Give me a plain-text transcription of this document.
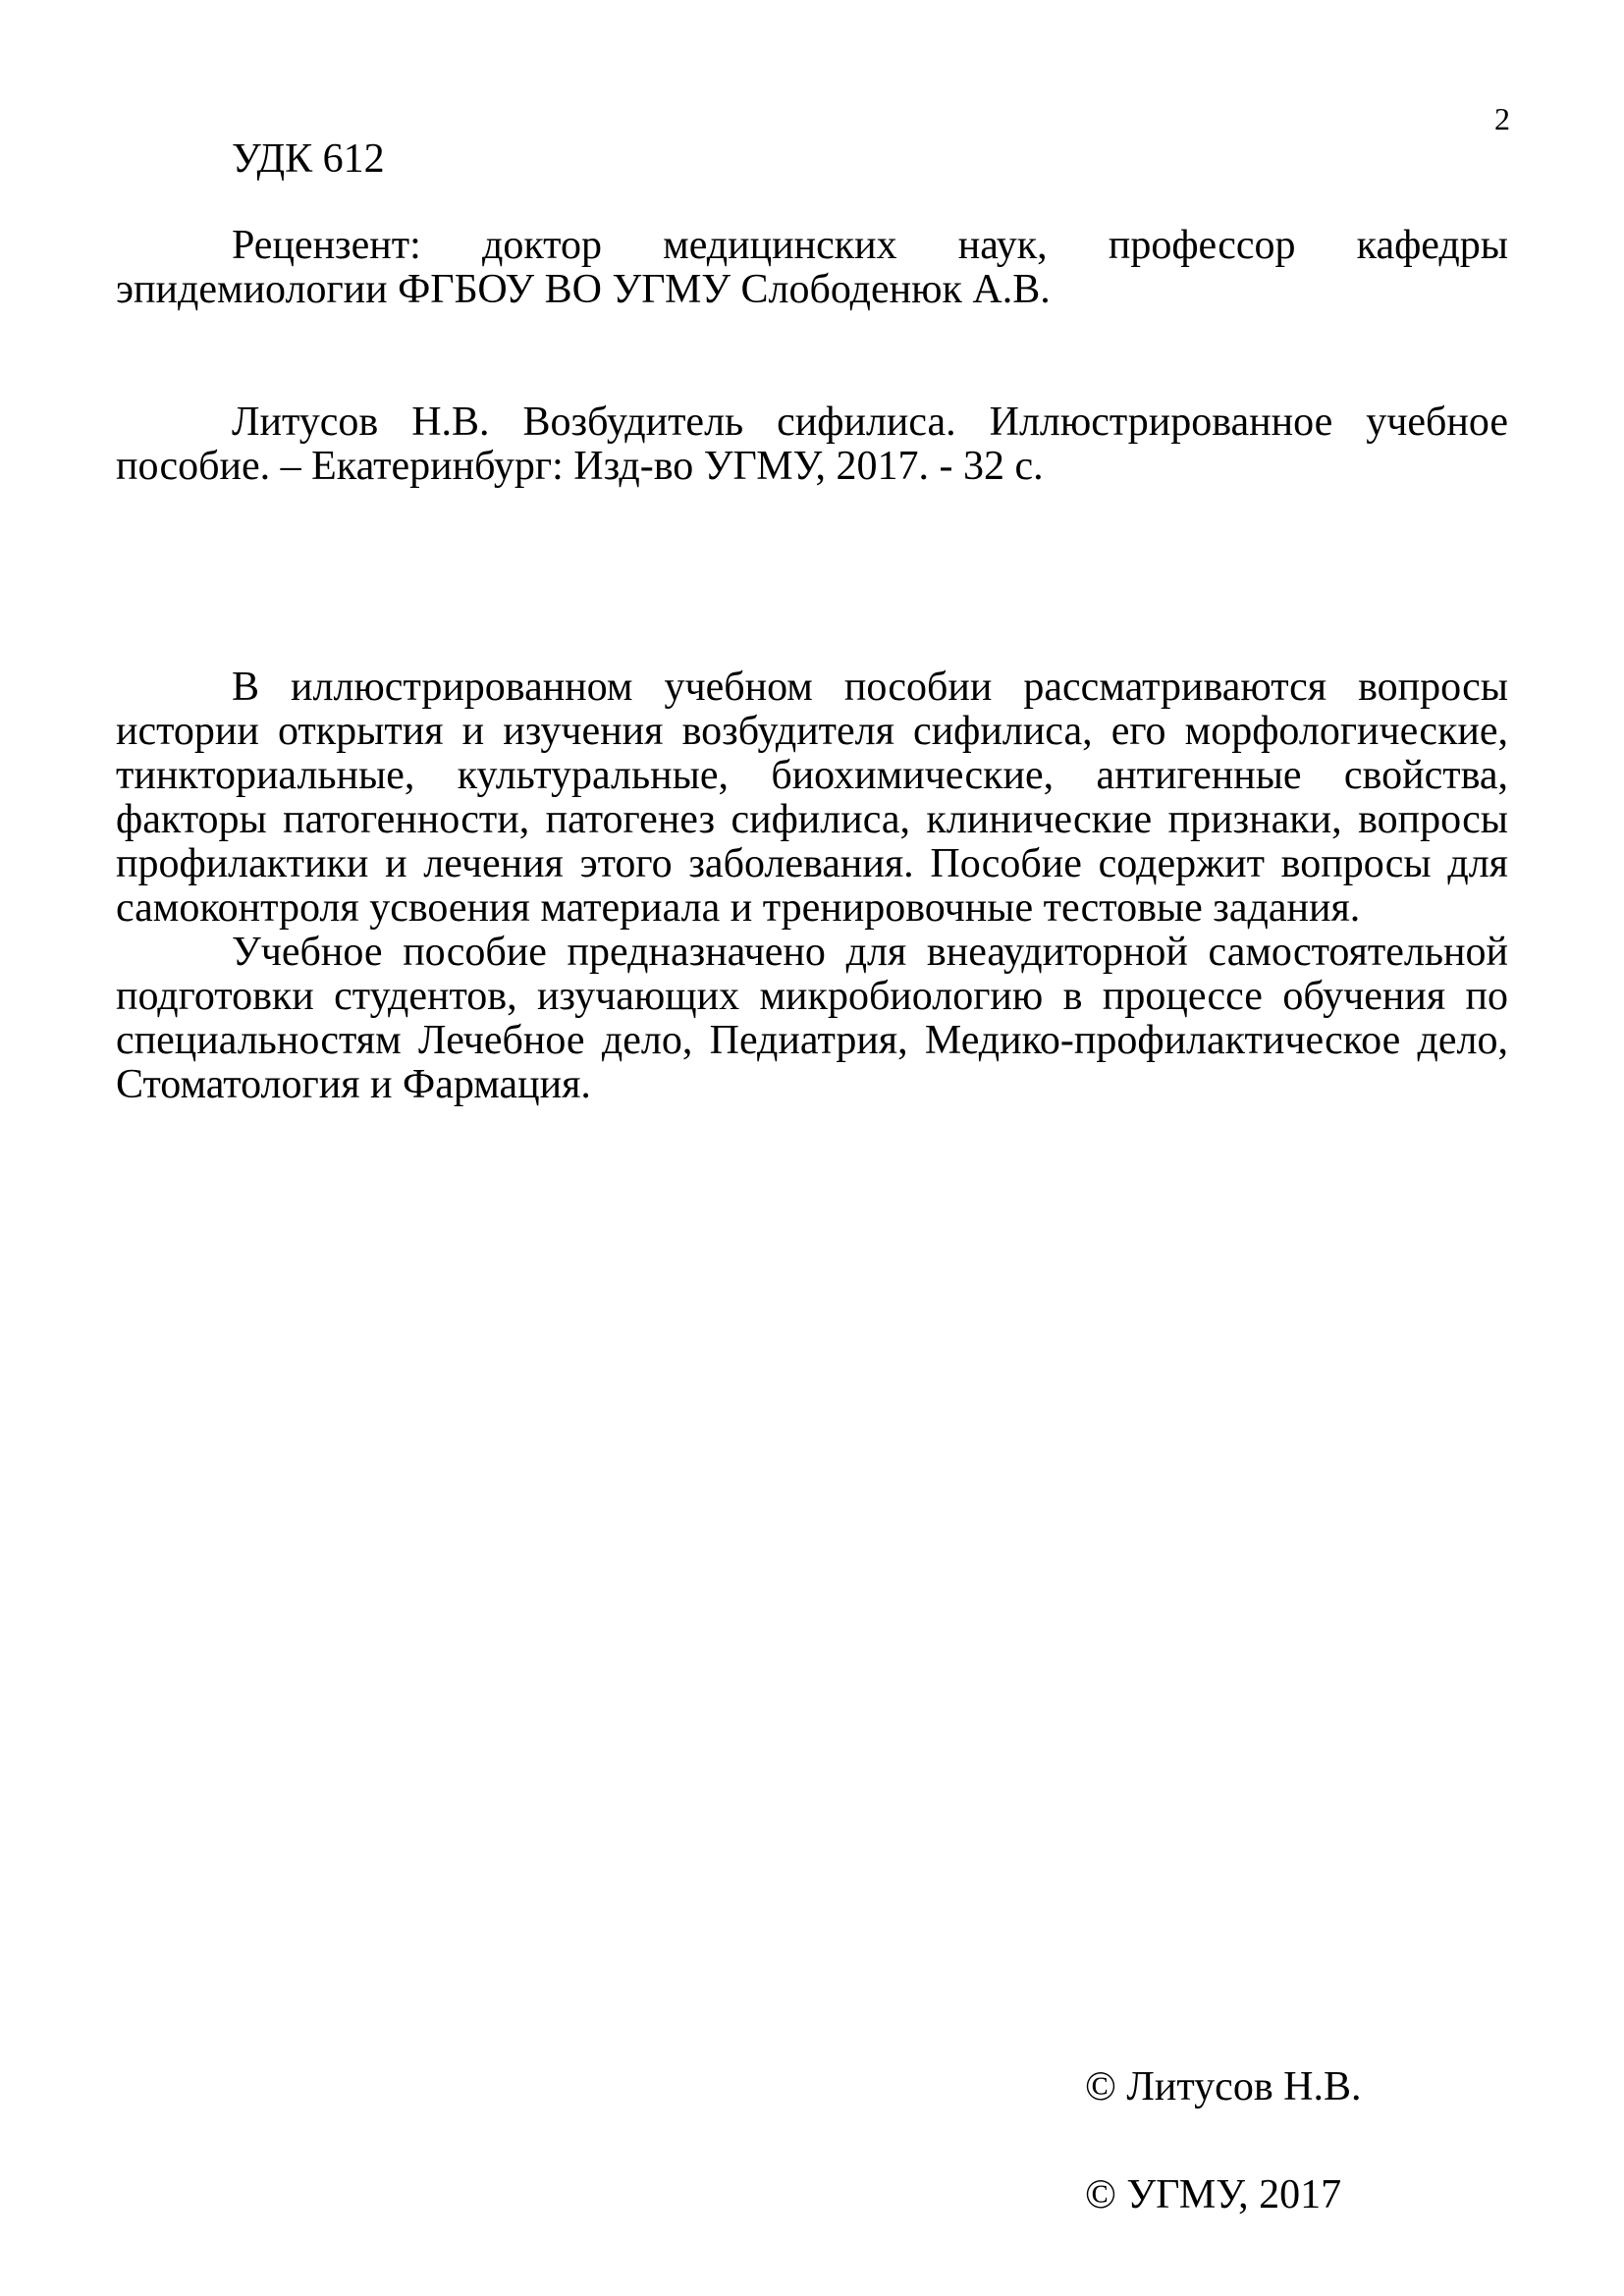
2

УДК 612

Рецензент: доктор медицинских наук, профессор кафедры эпидемиологии ФГБОУ ВО УГМУ Слободенюк А.В.

Литусов Н.В. Возбудитель сифилиса. Иллюстрированное учебное пособие. – Екатеринбург: Изд-во УГМУ, 2017. - 32 с.

В иллюстрированном учебном пособии рассматриваются вопросы истории открытия и изучения возбудителя сифилиса, его морфологические, тинкториальные, культуральные, биохимические, антигенные свойства, факторы патогенности, патогенез сифилиса, клинические признаки, вопросы профилактики и лечения этого заболевания. Пособие содержит вопросы для самоконтроля усвоения материала и тренировочные тестовые задания.

Учебное пособие предназначено для внеаудиторной самостоятельной подготовки студентов, изучающих микробиологию в процессе обучения по специальностям Лечебное дело, Педиатрия, Медико-профилактическое дело, Стоматология и Фармация.

© Литусов Н.В.

© УГМУ, 2017
